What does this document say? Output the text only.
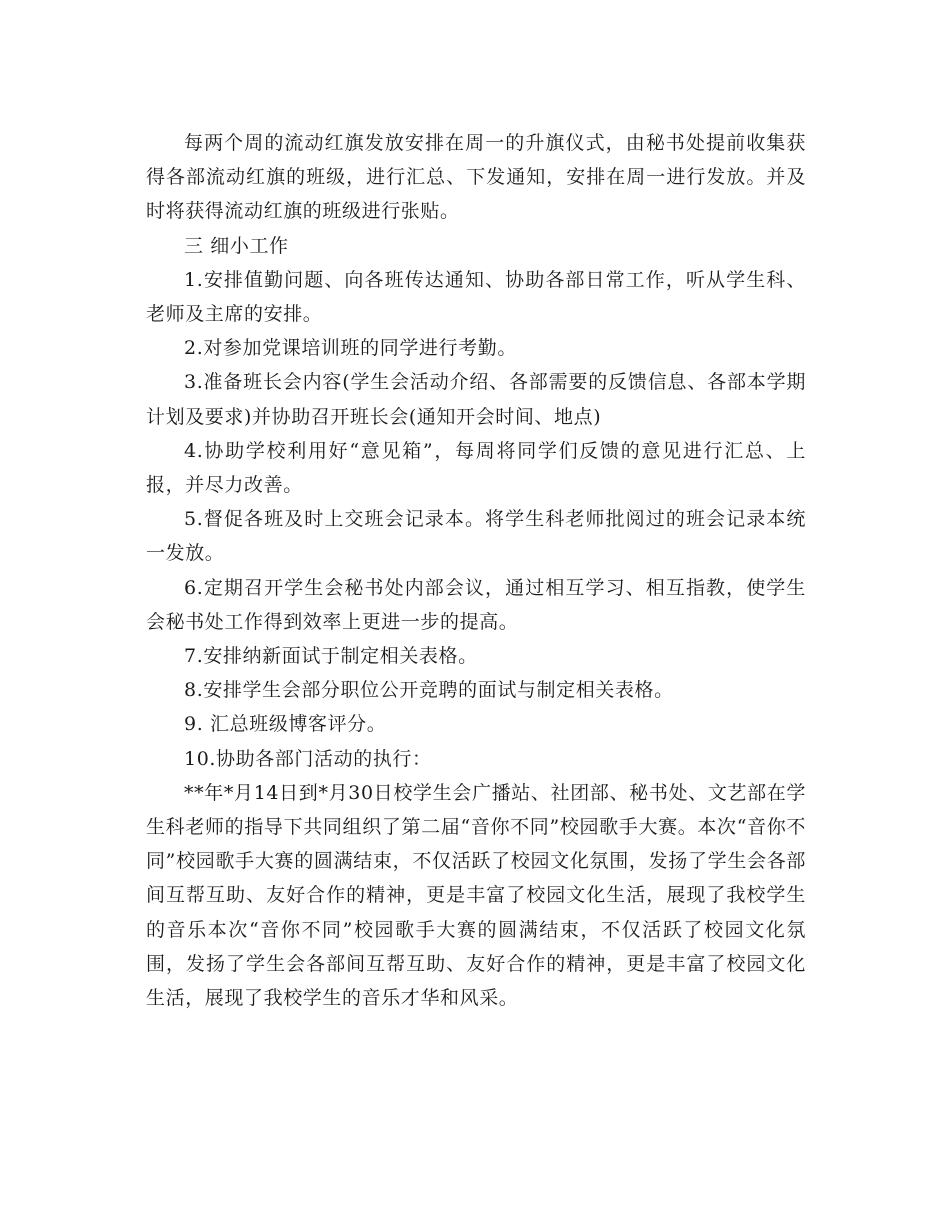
每两个周的流动红旗发放安排在周一的升旗仪式，由秘书处提前收集获得各部流动红旗的班级，进行汇总、下发通知，安排在周一进行发放。并及时将获得流动红旗的班级进行张贴。

三 细小工作

1.安排值勤问题、向各班传达通知、协助各部日常工作，听从学生科、老师及主席的安排。

2.对参加党课培训班的同学进行考勤。

3.准备班长会内容(学生会活动介绍、各部需要的反馈信息、各部本学期计划及要求)并协助召开班长会(通知开会时间、地点)

4.协助学校利用好“意见箱”，每周将同学们反馈的意见进行汇总、上报，并尽力改善。

5.督促各班及时上交班会记录本。将学生科老师批阅过的班会记录本统一发放。

6.定期召开学生会秘书处内部会议，通过相互学习、相互指教，使学生会秘书处工作得到效率上更进一步的提高。

7.安排纳新面试于制定相关表格。

8.安排学生会部分职位公开竞聘的面试与制定相关表格。

9. 汇总班级博客评分。

10.协助各部门活动的执行：

**年*月14日到*月30日校学生会广播站、社团部、秘书处、文艺部在学生科老师的指导下共同组织了第二届“音你不同”校园歌手大赛。本次“音你不同”校园歌手大赛的圆满结束，不仅活跃了校园文化氛围，发扬了学生会各部间互帮互助、友好合作的精神，更是丰富了校园文化生活，展现了我校学生的音乐本次“音你不同”校园歌手大赛的圆满结束，不仅活跃了校园文化氛围，发扬了学生会各部间互帮互助、友好合作的精神，更是丰富了校园文化生活，展现了我校学生的音乐才华和风采。
